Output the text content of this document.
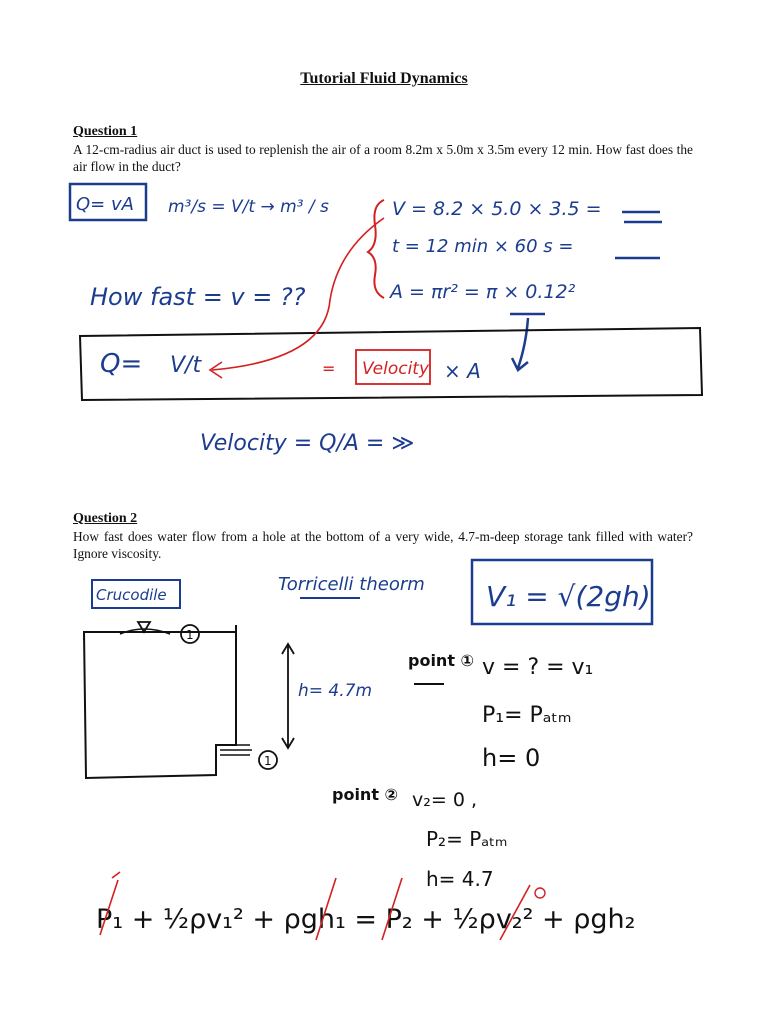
Tutorial Fluid Dynamics
Question 1
A 12-cm-radius air duct is used to replenish the air of a room 8.2m x 5.0m x 3.5m every 12 min. How fast does the air flow in the duct?
Question 2
How fast does water flow from a hole at the bottom of a very wide, 4.7-m-deep storage tank filled with water? Ignore viscosity.
Q= vA m³/s = V/t → m³ / s	V = 8.2 × 5.0 × 3.5 =
t = 12 min × 60 s =
A = πr² = π × 0.12²
How fast = v = ??
Q= V/t	= Velocity × A
Velocity = Q/A = ≫
Crucodile	Torricelli theorm V₁ = √(2gh)
1
1
h= 4.7m
point ① v = ? = v₁
P₁= Pₐₜₘ
h= 0
point ② v₂= 0 ,
P₂= Pₐₜₘ
h= 4.7
P₁ + ½ρv₁² + ρgh₁ = P₂ + ½ρv₂² + ρgh₂
